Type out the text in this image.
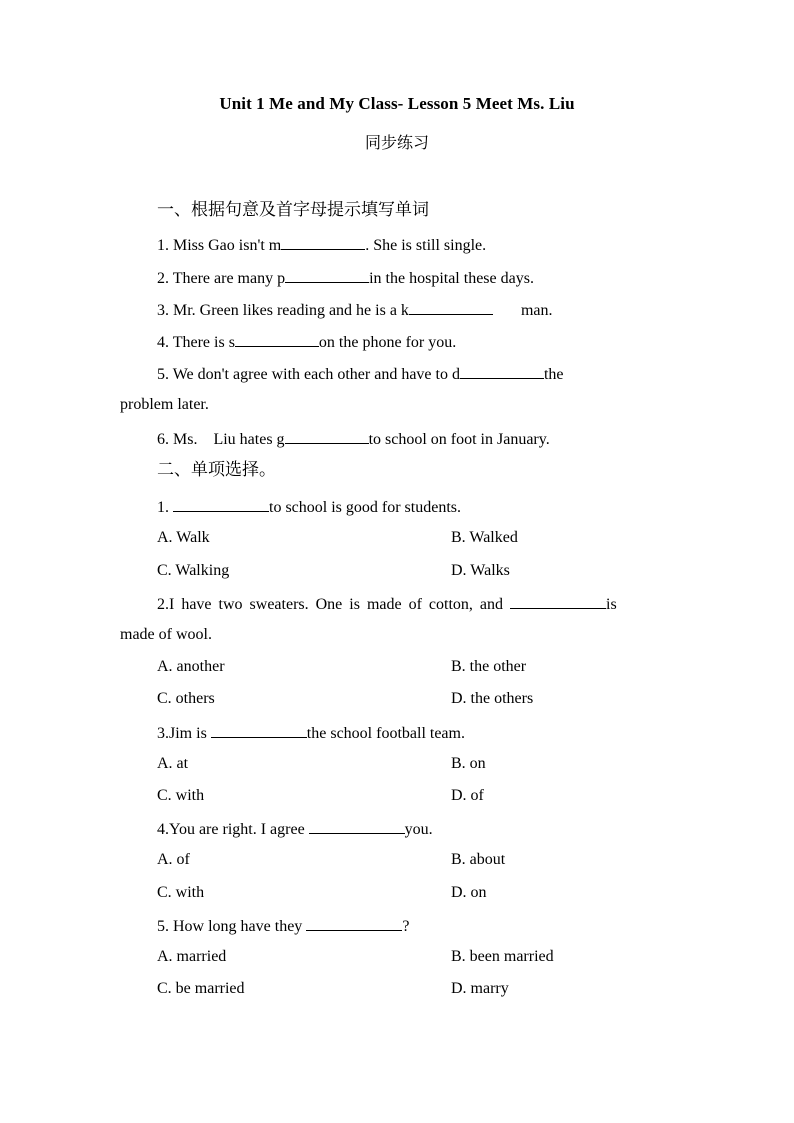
Unit 1 Me and My Class- Lesson 5 Meet Ms. Liu
同步练习
一、根据句意及首字母提示填写单词
1. Miss Gao isn't m	. She is still single.
2. There are many p	in the hospital these days.
3. Mr. Green likes reading and he is a k	man.
4. There is s	on the phone for you.
5. We don't agree with each other and have to d	the
problem later.
6. Ms.　Liu hates g	to school on foot in January.
二、单项选择。
1.	to school is good for students.
A. Walk	B. Walked
C. Walking	D. Walks
2.I have two sweaters. One is made of cotton, and	is
made of wool.
A. another	B. the other
C. others	D. the others
3.Jim is	the school football team.
A. at	B. on
C. with	D. of
4.You are right. I agree	you.
A. of	B. about
C. with	D. on
5. How long have they	?
A. married	B. been married
C. be married	D. marry
